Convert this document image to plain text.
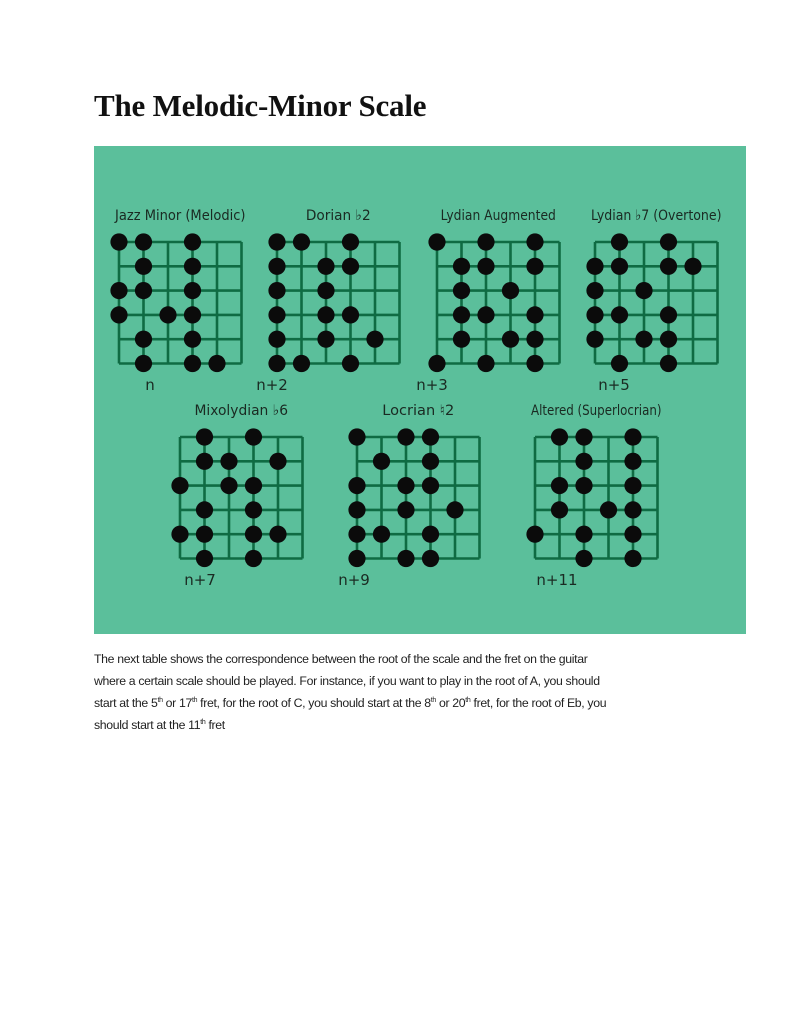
The Melodic-Minor Scale
Jazz Minor (Melodic)
n
Dorian ♭2
n+2
Lydian Augmented
n+3
Lydian ♭7 (Overtone)
n+5
Mixolydian ♭6
n+7
Locrian ♮2
n+9
Altered (Superlocrian)
n+11

The next table shows the correspondence between the root of the scale and the fret on the guitar

where a certain scale should be played. For instance, if you want to play in the root of A, you should

start at the 5th or 17th fret, for the root of C, you should start at the 8th or 20th fret, for the root of Eb, you

should start at the 11th fret
